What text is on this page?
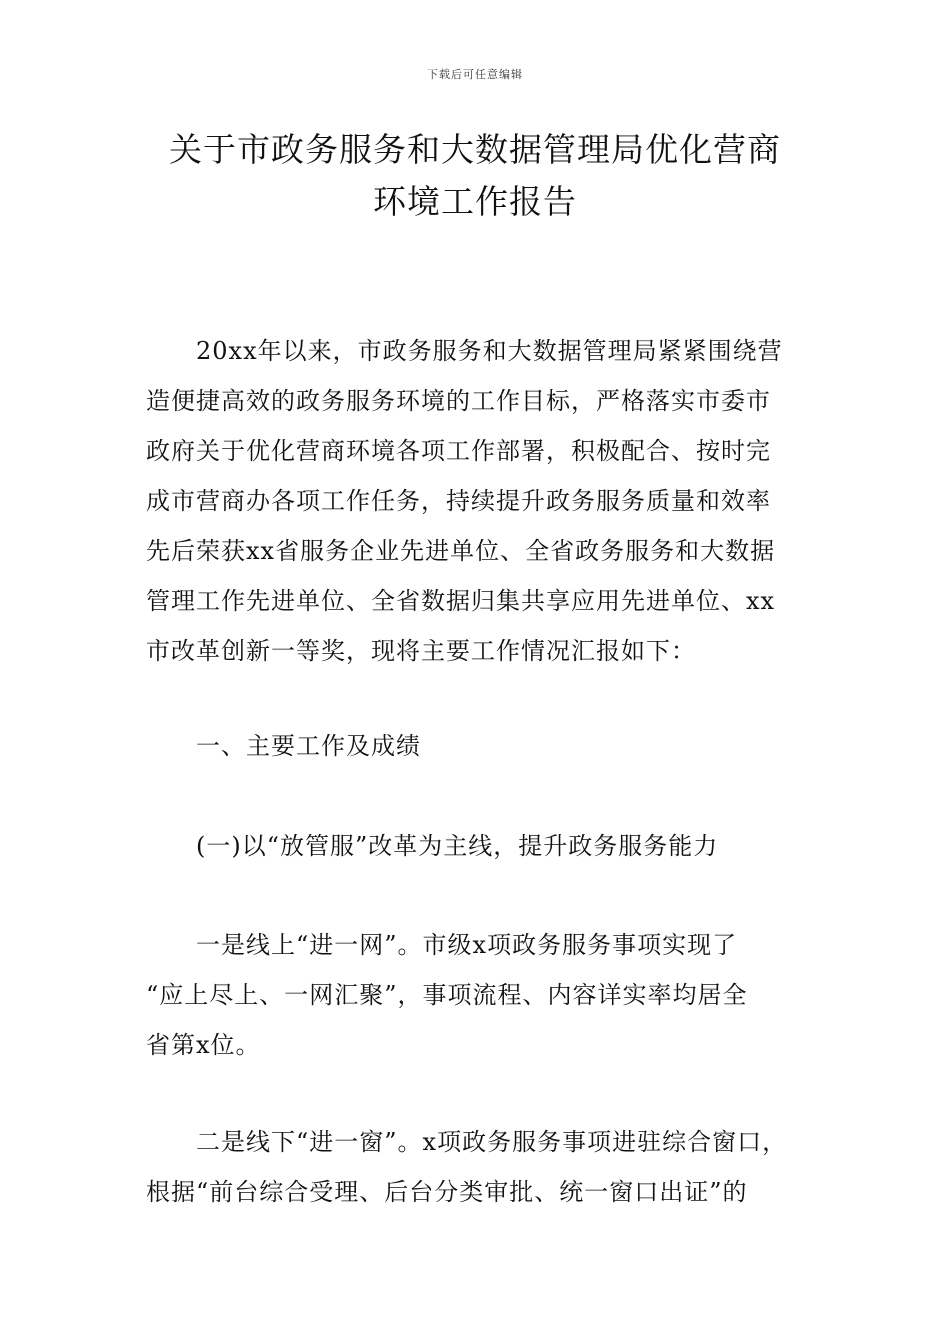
下载后可任意编辑
关于市政务服务和大数据管理局优化营商
环境工作报告
20xx年以来，市政务服务和大数据管理局紧紧围绕营
造便捷高效的政务服务环境的工作目标，严格落实市委市
政府关于优化营商环境各项工作部署，积极配合、按时完
成市营商办各项工作任务，持续提升政务服务质量和效率
先后荣获xx省服务企业先进单位、全省政务服务和大数据
管理工作先进单位、全省数据归集共享应用先进单位、xx
市改革创新一等奖，现将主要工作情况汇报如下：
一、主要工作及成绩
(一)以“放管服”改革为主线，提升政务服务能力
一是线上“进一网”。市级x项政务服务事项实现了
“应上尽上、一网汇聚”，事项流程、内容详实率均居全
省第x位。
二是线下“进一窗”。x项政务服务事项进驻综合窗口，
根据“前台综合受理、后台分类审批、统一窗口出证”的
